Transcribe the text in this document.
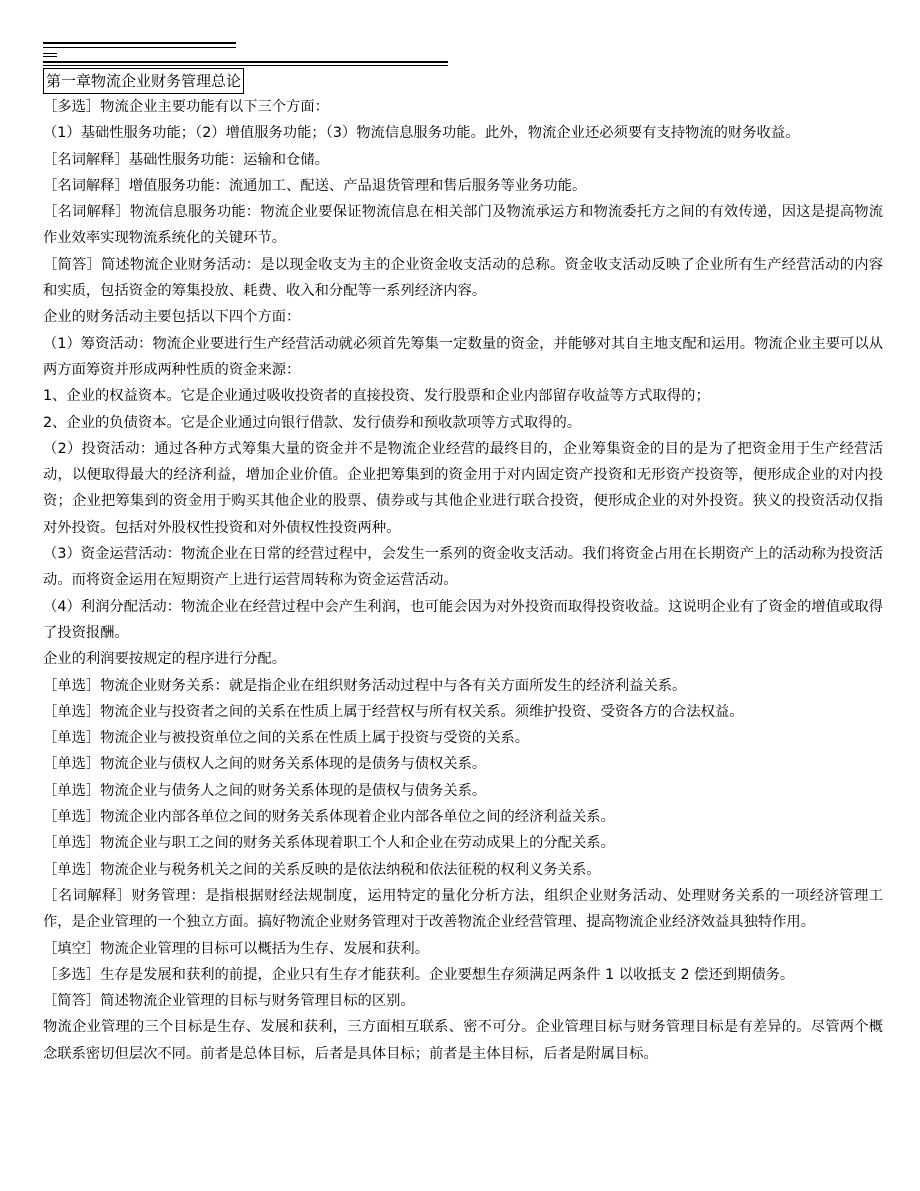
第一章物流企业财务管理总论

［多选］物流企业主要功能有以下三个方面：

（1）基础性服务功能；（2）增值服务功能；（3）物流信息服务功能。此外，物流企业还必须要有支持物流的财务收益。

［名词解释］基础性服务功能：运输和仓储。

［名词解释］增值服务功能：流通加工、配送、产品退货管理和售后服务等业务功能。

［名词解释］物流信息服务功能：物流企业要保证物流信息在相关部门及物流承运方和物流委托方之间的有效传递，因这是提高物流作业效率实现物流系统化的关键环节。

［简答］简述物流企业财务活动：是以现金收支为主的企业资金收支活动的总称。资金收支活动反映了企业所有生产经营活动的内容和实质，包括资金的筹集投放、耗费、收入和分配等一系列经济内容。

企业的财务活动主要包括以下四个方面：

（1）筹资活动：物流企业要进行生产经营活动就必须首先筹集一定数量的资金，并能够对其自主地支配和运用。物流企业主要可以从两方面筹资并形成两种性质的资金来源：

1、企业的权益资本。它是企业通过吸收投资者的直接投资、发行股票和企业内部留存收益等方式取得的；

2、企业的负债资本。它是企业通过向银行借款、发行债券和预收款项等方式取得的。

（2）投资活动：通过各种方式筹集大量的资金并不是物流企业经营的最终目的，企业筹集资金的目的是为了把资金用于生产经营活动，以便取得最大的经济利益，增加企业价值。企业把筹集到的资金用于对内固定资产投资和无形资产投资等，便形成企业的对内投资；企业把筹集到的资金用于购买其他企业的股票、债券或与其他企业进行联合投资，便形成企业的对外投资。狭义的投资活动仅指对外投资。包括对外股权性投资和对外债权性投资两种。

（3）资金运营活动：物流企业在日常的经营过程中，会发生一系列的资金收支活动。我们将资金占用在长期资产上的活动称为投资活动。而将资金运用在短期资产上进行运营周转称为资金运营活动。

（4）利润分配活动：物流企业在经营过程中会产生利润，也可能会因为对外投资而取得投资收益。这说明企业有了资金的增值或取得了投资报酬。

企业的利润要按规定的程序进行分配。

［单选］物流企业财务关系：就是指企业在组织财务活动过程中与各有关方面所发生的经济利益关系。

［单选］物流企业与投资者之间的关系在性质上属于经营权与所有权关系。须维护投资、受资各方的合法权益。

［单选］物流企业与被投资单位之间的关系在性质上属于投资与受资的关系。

［单选］物流企业与债权人之间的财务关系体现的是债务与债权关系。

［单选］物流企业与债务人之间的财务关系体现的是债权与债务关系。

［单选］物流企业内部各单位之间的财务关系体现着企业内部各单位之间的经济利益关系。

［单选］物流企业与职工之间的财务关系体现着职工个人和企业在劳动成果上的分配关系。

［单选］物流企业与税务机关之间的关系反映的是依法纳税和依法征税的权利义务关系。

［名词解释］财务管理：是指根据财经法规制度，运用特定的量化分析方法，组织企业财务活动、处理财务关系的一项经济管理工作，是企业管理的一个独立方面。搞好物流企业财务管理对于改善物流企业经营管理、提高物流企业经济效益具独特作用。

［填空］物流企业管理的目标可以概括为生存、发展和获利。

［多选］生存是发展和获利的前提，企业只有生存才能获利。企业要想生存须满足两条件 1 以收抵支 2 偿还到期债务。

［简答］简述物流企业管理的目标与财务管理目标的区别。

物流企业管理的三个目标是生存、发展和获利，三方面相互联系、密不可分。企业管理目标与财务管理目标是有差异的。尽管两个概念联系密切但层次不同。前者是总体目标，后者是具体目标；前者是主体目标，后者是附属目标。
